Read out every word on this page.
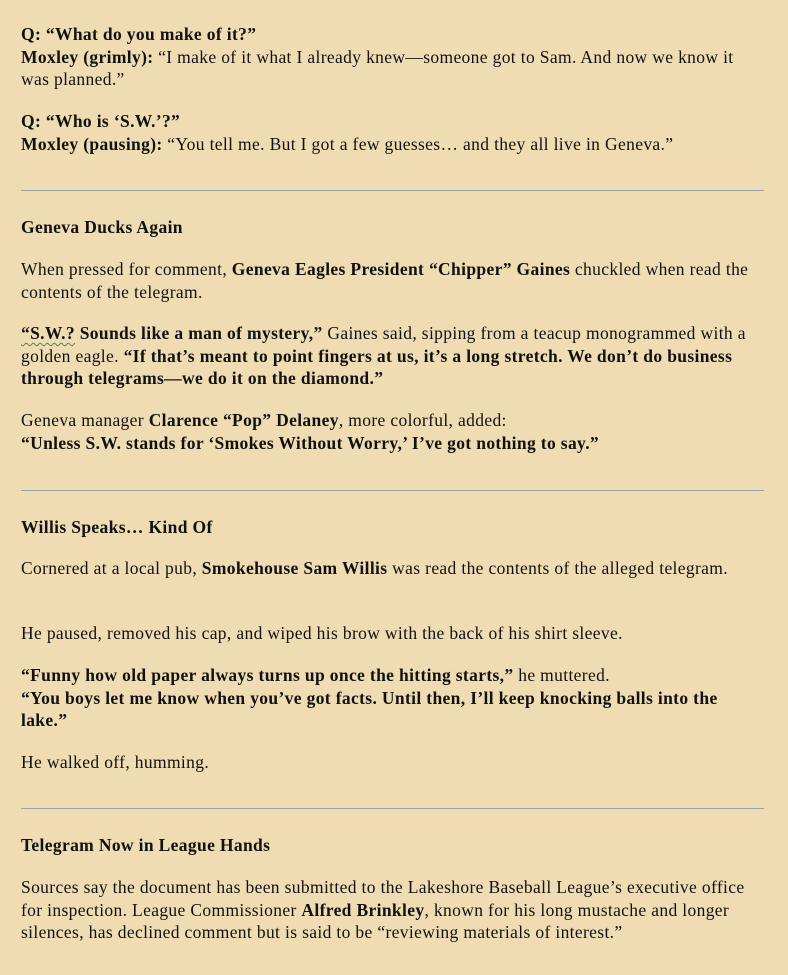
Q: “What do you make of it?”

Moxley (grimly): “I make of it what I already knew—someone got to Sam. And now we know it was planned.”

Q: “Who is ‘S.W.’?”

Moxley (pausing): “You tell me. But I got a few guesses… and they all live in Geneva.”

Geneva Ducks Again

When pressed for comment, Geneva Eagles President “Chipper” Gaines chuckled when read the contents of the telegram.

“S.W.? Sounds like a man of mystery,” Gaines said, sipping from a teacup monogrammed with a golden eagle. “If that’s meant to point fingers at us, it’s a long stretch. We don’t do business through telegrams—we do it on the diamond.”

Geneva manager Clarence “Pop” Delaney, more colorful, added:

“Unless S.W. stands for ‘Smokes Without Worry,’ I’ve got nothing to say.”

Willis Speaks… Kind Of

Cornered at a local pub, Smokehouse Sam Willis was read the contents of the alleged telegram.

He paused, removed his cap, and wiped his brow with the back of his shirt sleeve.

“Funny how old paper always turns up once the hitting starts,” he muttered.

“You boys let me know when you’ve got facts. Until then, I’ll keep knocking balls into the lake.”

He walked off, humming.

Telegram Now in League Hands

Sources say the document has been submitted to the Lakeshore Baseball League’s executive office for inspection. League Commissioner Alfred Brinkley, known for his long mustache and longer silences, has declined comment but is said to be “reviewing materials of interest.”
